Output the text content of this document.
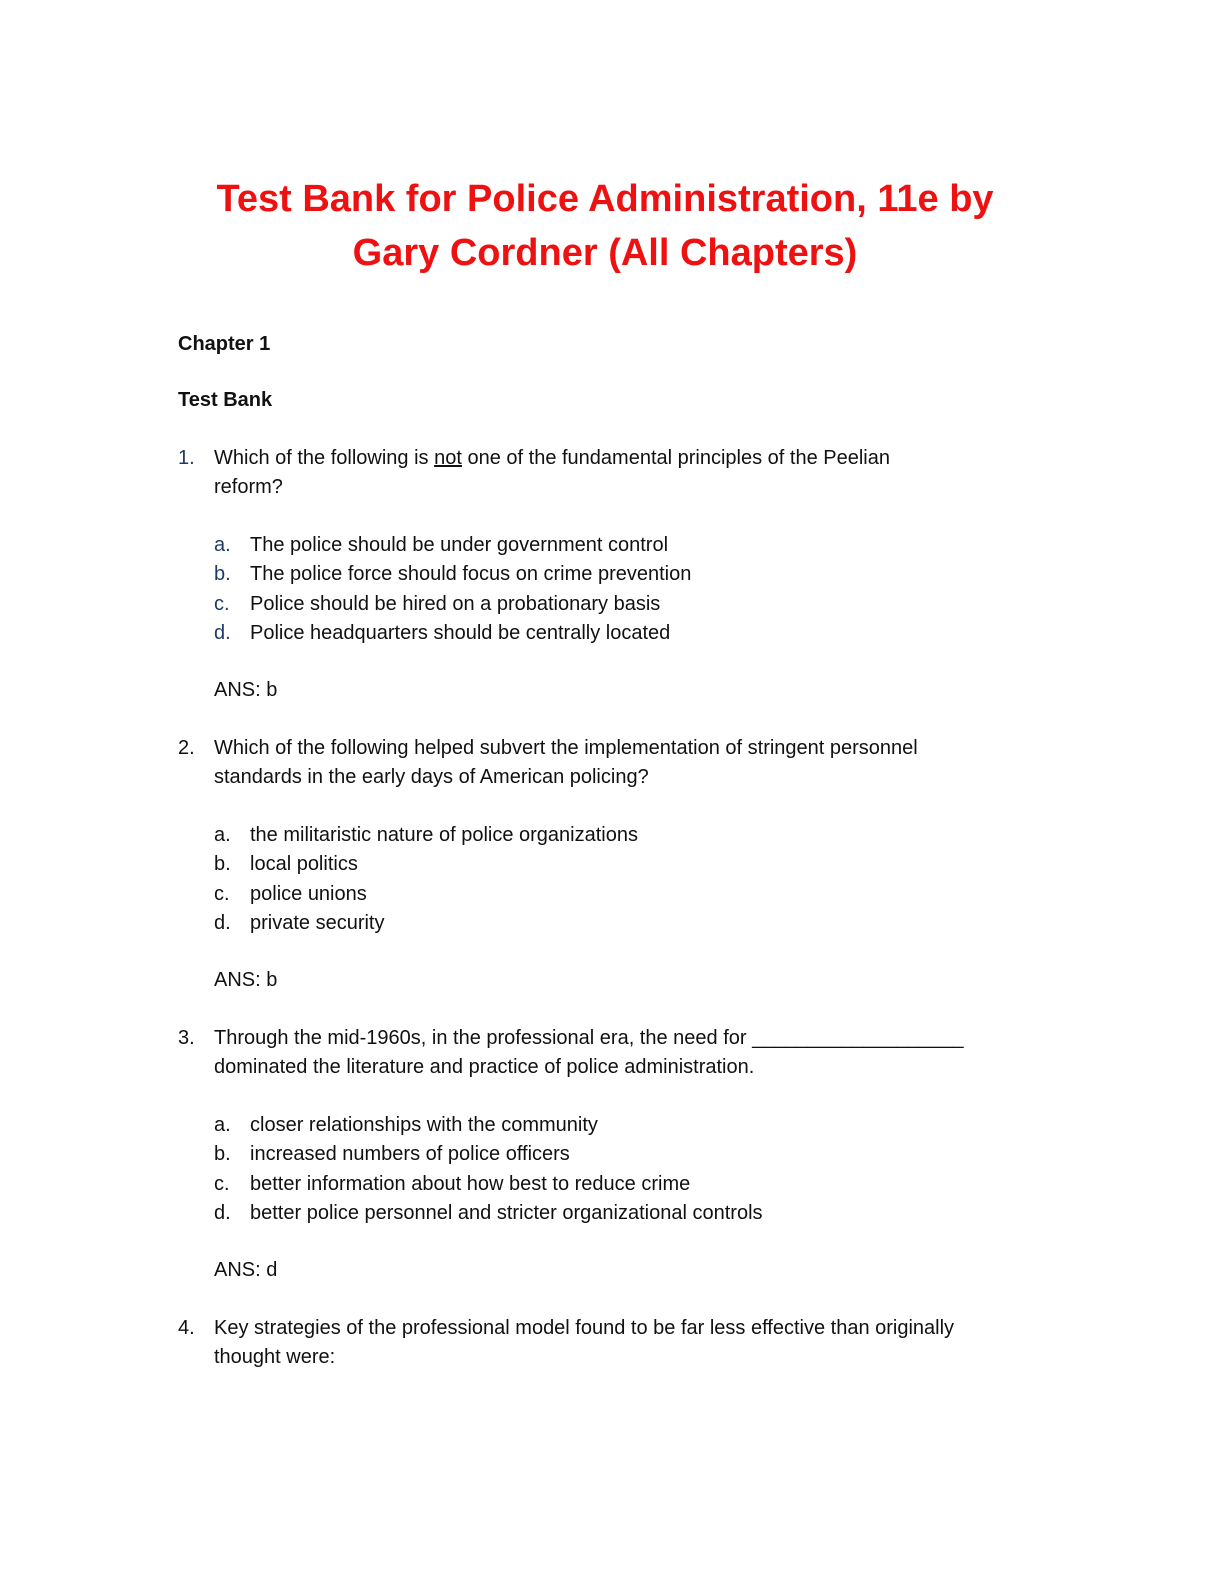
Test Bank for Police Administration, 11e by
Gary Cordner (All Chapters)

Chapter 1

Test Bank

1. Which of the following is not one of the fundamental principles of the Peelian
reform?

a. The police should be under government control
b. The police force should focus on crime prevention
c. Police should be hired on a probationary basis
d. Police headquarters should be centrally located

ANS: b

2. Which of the following helped subvert the implementation of stringent personnel
standards in the early days of American policing?

a. the militaristic nature of police organizations
b. local politics
c. police unions
d. private security

ANS: b

3. Through the mid-1960s, in the professional era, the need for ___________________
dominated the literature and practice of police administration.

a. closer relationships with the community
b. increased numbers of police officers
c. better information about how best to reduce crime
d. better police personnel and stricter organizational controls

ANS: d

4. Key strategies of the professional model found to be far less effective than originally
thought were:
